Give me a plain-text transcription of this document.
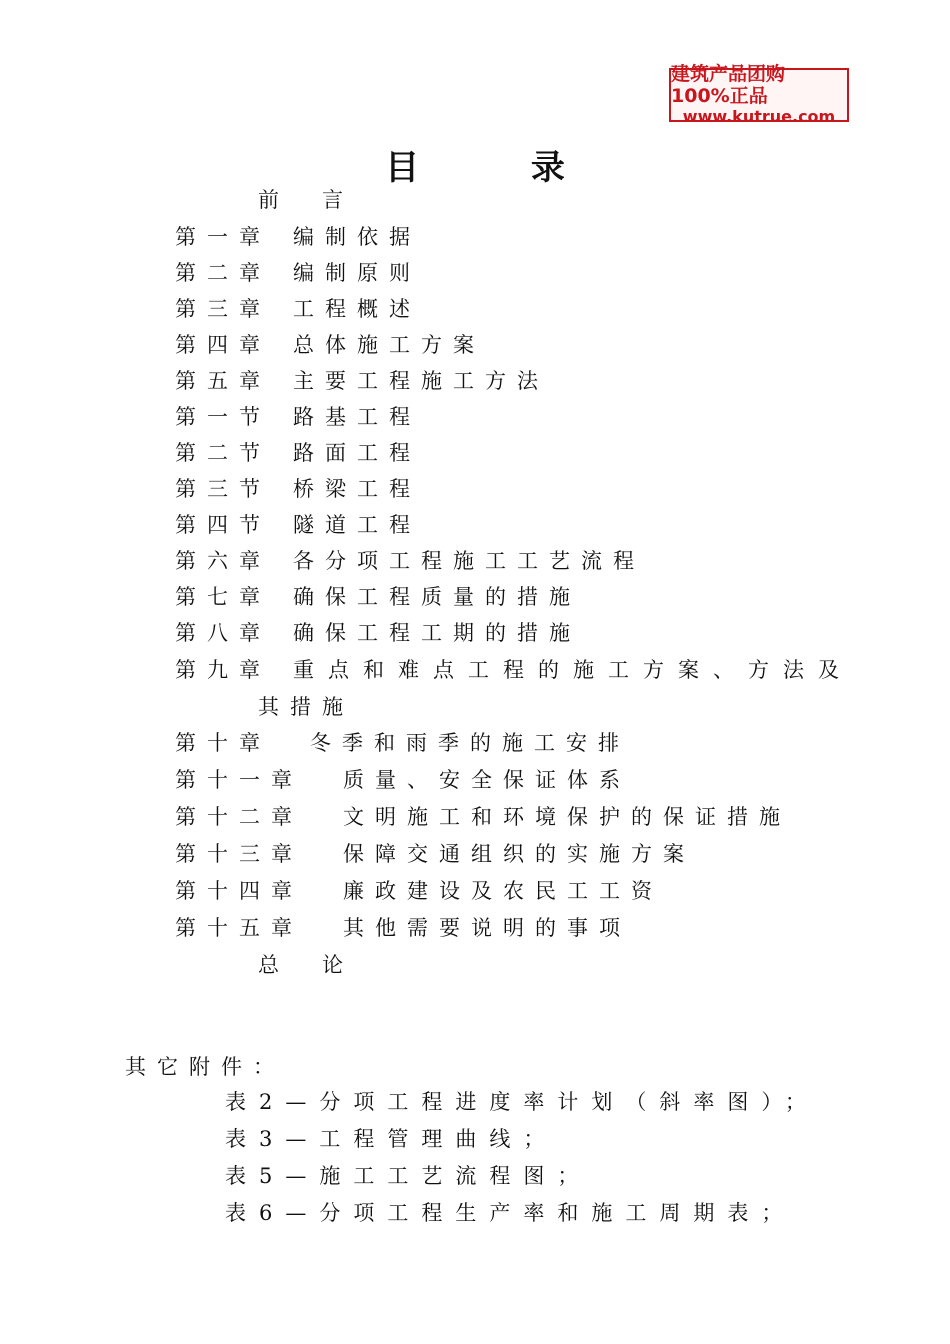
建筑产品团购 100%正品
www.kutrue.com
目 录
前　言
第一章 编制依据
第二章 编制原则
第三章 工程概述
第四章 总体施工方案
第五章 主要工程施工方法
第一节 路基工程
第二节 路面工程
第三节 桥梁工程
第四节 隧道工程
第六章 各分项工程施工工艺流程
第七章 确保工程质量的措施
第八章 确保工程工期的措施
第九章 重点和难点工程的施工方案、方法及
其措施
第十章 冬季和雨季的施工安排
第十一章 质量、安全保证体系
第十二章 文明施工和环境保护的保证措施
第十三章 保障交通组织的实施方案
第十四章 廉政建设及农民工工资
第十五章 其他需要说明的事项
总　论
其它附件：
表2—分项工程进度率计划（斜率图）；
表3—工程管理曲线；
表5—施工工艺流程图；
表6—分项工程生产率和施工周期表；
